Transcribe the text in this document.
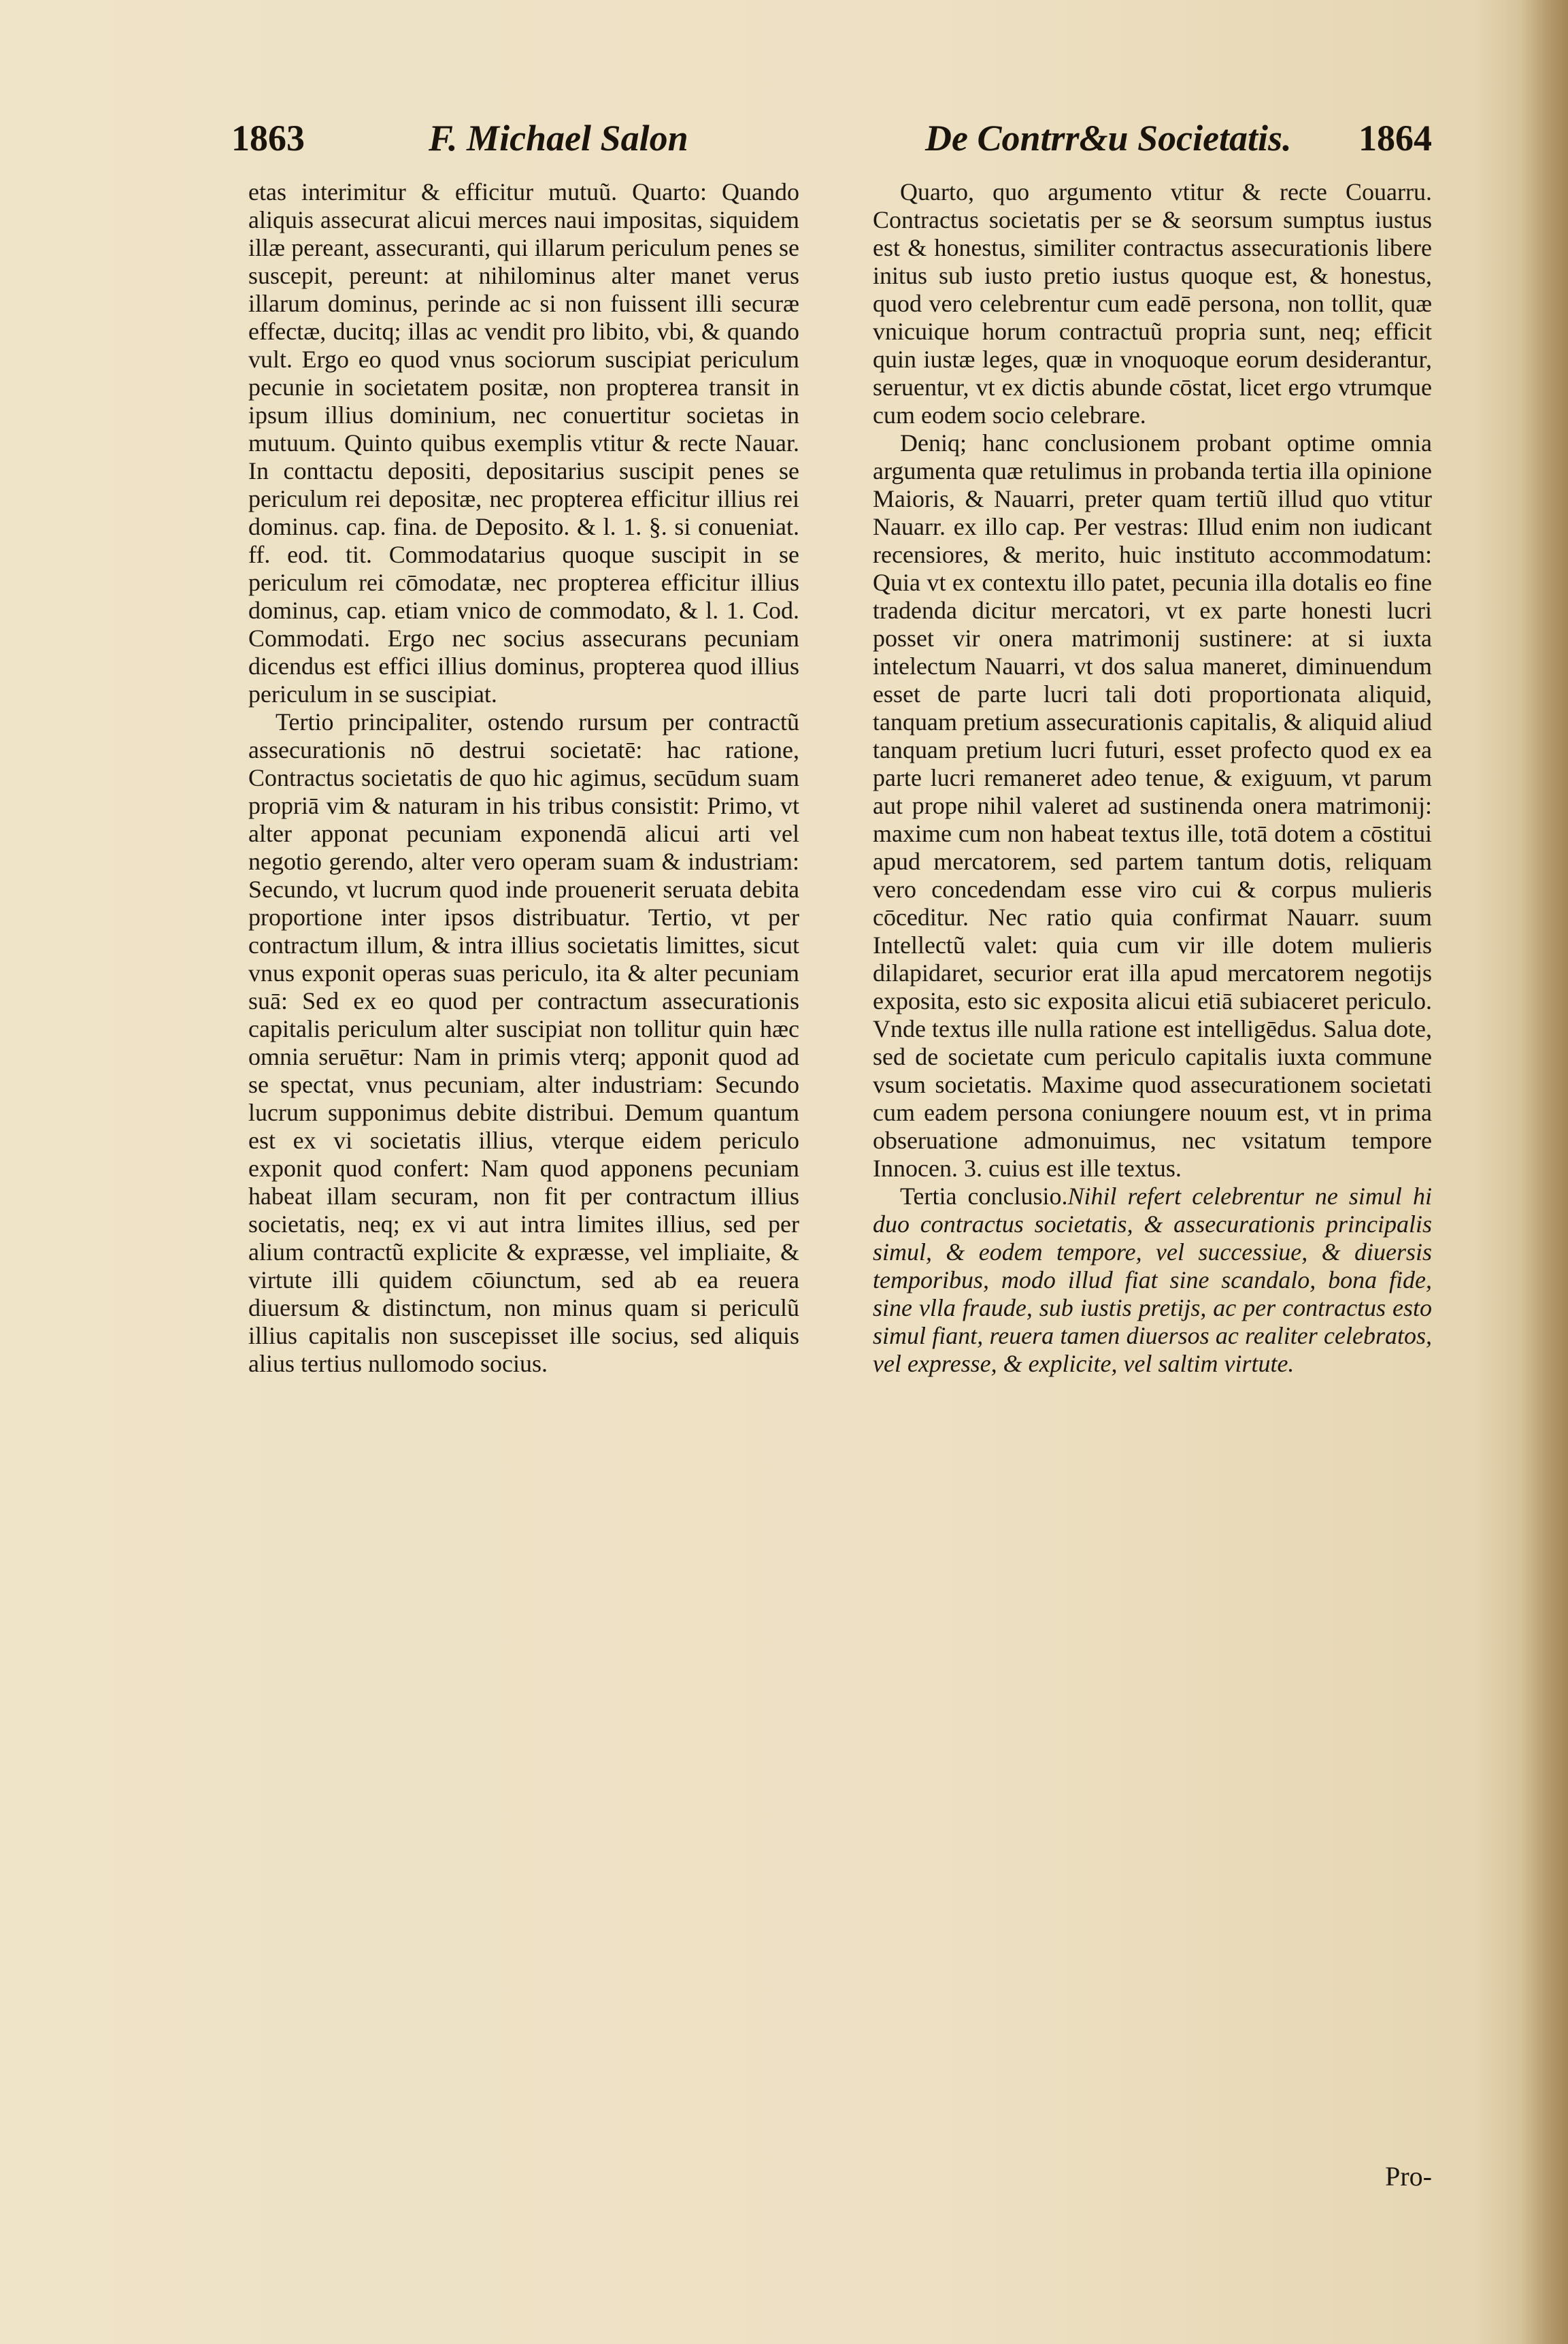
1863	F. Michael Salon	De Contrr&u Societatis. 1864

etas interimitur & efficitur mutuũ. Quarto: Quando aliquis assecurat alicui merces naui impositas, siquidem illæ pereant, assecuranti, qui illarum periculum penes se suscepit, pereunt: at nihilominus alter manet verus illarum dominus, perinde ac si non fuissent illi securæ effectæ, ducitq; illas ac vendit pro libito, vbi, & quando vult. Ergo eo quod vnus sociorum suscipiat periculum pecunie in societatem positæ, non propterea transit in ipsum illius dominium, nec conuertitur societas in mutuum. Quinto quibus exemplis vtitur & recte Nauar. In conttactu depositi, depositarius suscipit penes se periculum rei depositæ, nec propterea efficitur illius rei dominus. cap. fina. de Deposito. & l. 1. §. si conueniat. ff. eod. tit. Commodatarius quoque suscipit in se periculum rei cōmodatæ, nec propterea efficitur illius dominus, cap. etiam vnico de commodato, & l. 1. Cod. Commodati. Ergo nec socius assecurans pecuniam dicendus est effici illius dominus, propterea quod illius periculum in se suscipiat.

Tertio principaliter, ostendo rursum per contractũ assecurationis nō destrui societatē: hac ratione, Contractus societatis de quo hic agimus, secūdum suam propriā vim & naturam in his tribus consistit: Primo, vt alter apponat pecuniam exponendā alicui arti vel negotio gerendo, alter vero operam suam & industriam: Secundo, vt lucrum quod inde prouenerit seruata debita proportione inter ipsos distribuatur. Tertio, vt per contractum illum, & intra illius societatis limittes, sicut vnus exponit operas suas periculo, ita & alter pecuniam suā: Sed ex eo quod per contractum assecurationis capitalis periculum alter suscipiat non tollitur quin hæc omnia seruētur: Nam in primis vterq; apponit quod ad se spectat, vnus pecuniam, alter industriam: Secundo lucrum supponimus debite distribui. Demum quantum est ex vi societatis illius, vterque eidem periculo exponit quod confert: Nam quod apponens pecuniam habeat illam securam, non fit per contractum illius societatis, neq; ex vi aut intra limites illius, sed per alium contractũ explicite & expræsse, vel impliaite, & virtute illi quidem cōiunctum, sed ab ea reuera diuersum & distinctum, non minus quam si periculũ illius capitalis non suscepisset ille socius, sed aliquis alius tertius nullomodo socius.

Quarto, quo argumento vtitur & recte Couarru. Contractus societatis per se & seorsum sumptus iustus est & honestus, similiter contractus assecurationis libere initus sub iusto pretio iustus quoque est, & honestus, quod vero celebrentur cum eadē persona, non tollit, quæ vnicuique horum contractuũ propria sunt, neq; efficit quin iustæ leges, quæ in vnoquoque eorum desiderantur, seruentur, vt ex dictis abunde cōstat, licet ergo vtrumque cum eodem socio celebrare.

Deniq; hanc conclusionem probant optime omnia argumenta quæ retulimus in probanda tertia illa opinione Maioris, & Nauarri, preter quam tertiũ illud quo vtitur Nauarr. ex illo cap. Per vestras: Illud enim non iudicant recensiores, & merito, huic instituto accommodatum: Quia vt ex contextu illo patet, pecunia illa dotalis eo fine tradenda dicitur mercatori, vt ex parte honesti lucri posset vir onera matrimonij sustinere: at si iuxta intelectum Nauarri, vt dos salua maneret, diminuendum esset de parte lucri tali doti proportionata aliquid, tanquam pretium assecurationis capitalis, & aliquid aliud tanquam pretium lucri futuri, esset profecto quod ex ea parte lucri remaneret adeo tenue, & exiguum, vt parum aut prope nihil valeret ad sustinenda onera matrimonij: maxime cum non habeat textus ille, totā dotem a cōstitui apud mercatorem, sed partem tantum dotis, reliquam vero concedendam esse viro cui & corpus mulieris cōceditur. Nec ratio quia confirmat Nauarr. suum Intellectũ valet: quia cum vir ille dotem mulieris dilapidaret, securior erat illa apud mercatorem negotijs exposita, esto sic exposita alicui etiā subiaceret periculo. Vnde textus ille nulla ratione est intelligēdus. Salua dote, sed de societate cum periculo capitalis iuxta commune vsum societatis. Maxime quod assecurationem societati cum eadem persona coniungere nouum est, vt in prima obseruatione admonuimus, nec vsitatum tempore Innocen. 3. cuius est ille textus.

Tertia conclusio.Nihil refert celebrentur ne simul hi duo contractus societatis, & assecurationis principalis simul, & eodem tempore, vel successiue, & diuersis temporibus, modo illud fiat sine scandalo, bona fide, sine vlla fraude, sub iustis pretijs, ac per contractus esto simul fiant, reuera tamen diuersos ac realiter celebratos, vel expresse, & explicite, vel saltim virtute.

Pro-
